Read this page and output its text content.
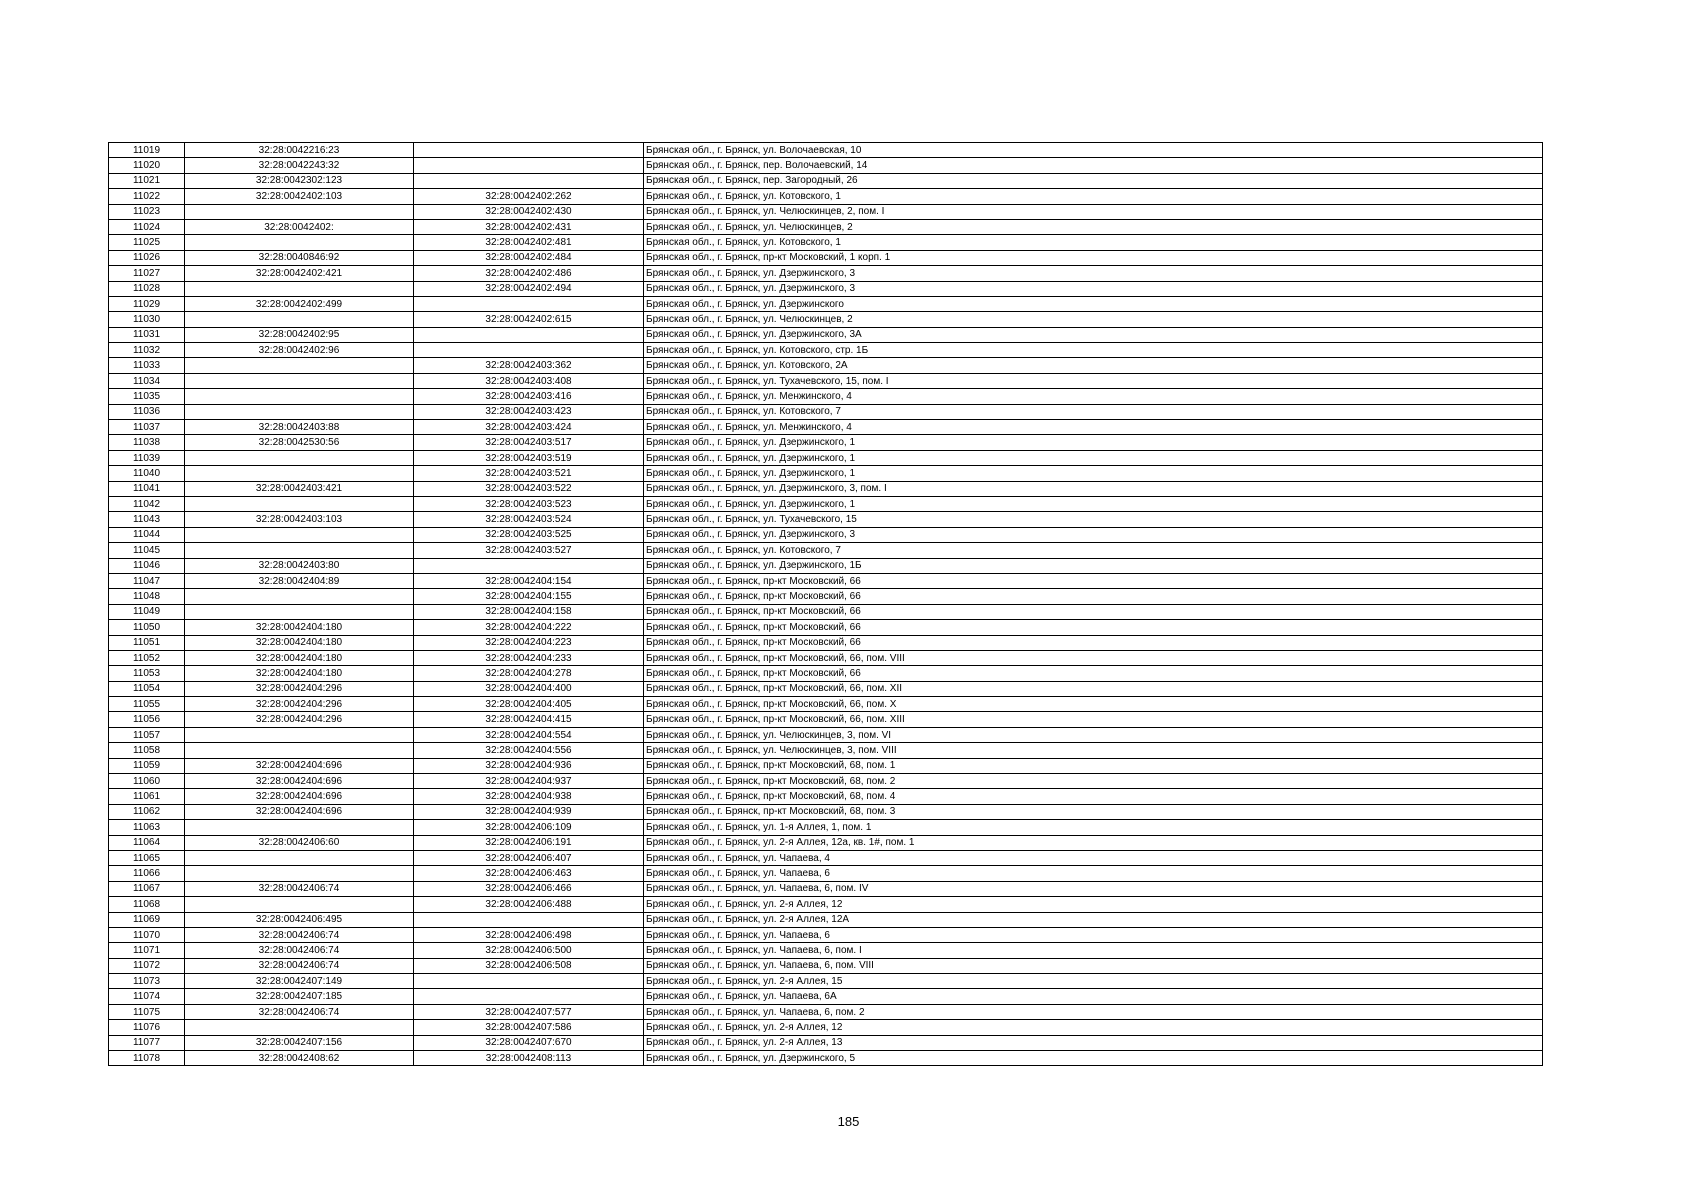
11019	32:28:0042216:23		Брянская обл., г. Брянск, ул. Волочаевская, 10
11020	32:28:0042243:32		Брянская обл., г. Брянск, пер. Волочаевский, 14
11021	32:28:0042302:123		Брянская обл., г. Брянск, пер. Загородный, 26
11022	32:28:0042402:103	32:28:0042402:262	Брянская обл., г. Брянск, ул. Котовского, 1
11023		32:28:0042402:430	Брянская обл., г. Брянск, ул. Челюскинцев, 2, пом. I
11024	32:28:0042402:	32:28:0042402:431	Брянская обл., г. Брянск, ул. Челюскинцев, 2
11025		32:28:0042402:481	Брянская обл., г. Брянск, ул. Котовского, 1
11026	32:28:0040846:92	32:28:0042402:484	Брянская обл., г. Брянск, пр-кт Московский, 1 корп. 1
11027	32:28:0042402:421	32:28:0042402:486	Брянская обл., г. Брянск, ул. Дзержинского, 3
11028		32:28:0042402:494	Брянская обл., г. Брянск, ул. Дзержинского, 3
11029	32:28:0042402:499		Брянская обл., г. Брянск, ул. Дзержинского
11030		32:28:0042402:615	Брянская обл., г. Брянск, ул. Челюскинцев, 2
11031	32:28:0042402:95		Брянская обл., г. Брянск, ул. Дзержинского, 3А
11032	32:28:0042402:96		Брянская обл., г. Брянск, ул. Котовского, стр. 1Б
11033		32:28:0042403:362	Брянская обл., г. Брянск, ул. Котовского, 2А
11034		32:28:0042403:408	Брянская обл., г. Брянск, ул. Тухачевского, 15, пом. I
11035		32:28:0042403:416	Брянская обл., г. Брянск, ул. Менжинского, 4
11036		32:28:0042403:423	Брянская обл., г. Брянск, ул. Котовского, 7
11037	32:28:0042403:88	32:28:0042403:424	Брянская обл., г. Брянск, ул. Менжинского, 4
11038	32:28:0042530:56	32:28:0042403:517	Брянская обл., г. Брянск, ул. Дзержинского, 1
11039		32:28:0042403:519	Брянская обл., г. Брянск, ул. Дзержинского, 1
11040		32:28:0042403:521	Брянская обл., г. Брянск, ул. Дзержинского, 1
11041	32:28:0042403:421	32:28:0042403:522	Брянская обл., г. Брянск, ул. Дзержинского, 3, пом. I
11042		32:28:0042403:523	Брянская обл., г. Брянск, ул. Дзержинского, 1
11043	32:28:0042403:103	32:28:0042403:524	Брянская обл., г. Брянск, ул. Тухачевского, 15
11044		32:28:0042403:525	Брянская обл., г. Брянск, ул. Дзержинского, 3
11045		32:28:0042403:527	Брянская обл., г. Брянск, ул. Котовского, 7
11046	32:28:0042403:80		Брянская обл., г. Брянск, ул. Дзержинского, 1Б
11047	32:28:0042404:89	32:28:0042404:154	Брянская обл., г. Брянск, пр-кт Московский, 66
11048		32:28:0042404:155	Брянская обл., г. Брянск, пр-кт Московский, 66
11049		32:28:0042404:158	Брянская обл., г. Брянск, пр-кт Московский, 66
11050	32:28:0042404:180	32:28:0042404:222	Брянская обл., г. Брянск, пр-кт Московский, 66
11051	32:28:0042404:180	32:28:0042404:223	Брянская обл., г. Брянск, пр-кт Московский, 66
11052	32:28:0042404:180	32:28:0042404:233	Брянская обл., г. Брянск, пр-кт Московский, 66, пом. VIII
11053	32:28:0042404:180	32:28:0042404:278	Брянская обл., г. Брянск, пр-кт Московский, 66
11054	32:28:0042404:296	32:28:0042404:400	Брянская обл., г. Брянск, пр-кт Московский, 66, пом. XII
11055	32:28:0042404:296	32:28:0042404:405	Брянская обл., г. Брянск, пр-кт Московский, 66, пом. X
11056	32:28:0042404:296	32:28:0042404:415	Брянская обл., г. Брянск, пр-кт Московский, 66, пом. XIII
11057		32:28:0042404:554	Брянская обл., г. Брянск, ул. Челюскинцев, 3, пом. VI
11058		32:28:0042404:556	Брянская обл., г. Брянск, ул. Челюскинцев, 3, пом. VIII
11059	32:28:0042404:696	32:28:0042404:936	Брянская обл., г. Брянск, пр-кт Московский, 68, пом. 1
11060	32:28:0042404:696	32:28:0042404:937	Брянская обл., г. Брянск, пр-кт Московский, 68, пом. 2
11061	32:28:0042404:696	32:28:0042404:938	Брянская обл., г. Брянск, пр-кт Московский, 68, пом. 4
11062	32:28:0042404:696	32:28:0042404:939	Брянская обл., г. Брянск, пр-кт Московский, 68, пом. 3
11063		32:28:0042406:109	Брянская обл., г. Брянск, ул. 1-я Аллея, 1, пом. 1
11064	32:28:0042406:60	32:28:0042406:191	Брянская обл., г. Брянск, ул. 2-я Аллея, 12а, кв. 1#, пом. 1
11065		32:28:0042406:407	Брянская обл., г. Брянск, ул. Чапаева, 4
11066		32:28:0042406:463	Брянская обл., г. Брянск, ул. Чапаева, 6
11067	32:28:0042406:74	32:28:0042406:466	Брянская обл., г. Брянск, ул. Чапаева, 6, пом. IV
11068		32:28:0042406:488	Брянская обл., г. Брянск, ул. 2-я Аллея, 12
11069	32:28:0042406:495		Брянская обл., г. Брянск, ул. 2-я Аллея, 12А
11070	32:28:0042406:74	32:28:0042406:498	Брянская обл., г. Брянск, ул. Чапаева, 6
11071	32:28:0042406:74	32:28:0042406:500	Брянская обл., г. Брянск, ул. Чапаева, 6, пом. I
11072	32:28:0042406:74	32:28:0042406:508	Брянская обл., г. Брянск, ул. Чапаева, 6, пом. VIII
11073	32:28:0042407:149		Брянская обл., г. Брянск, ул. 2-я Аллея, 15
11074	32:28:0042407:185		Брянская обл., г. Брянск, ул. Чапаева, 6А
11075	32:28:0042406:74	32:28:0042407:577	Брянская обл., г. Брянск, ул. Чапаева, 6, пом. 2
11076		32:28:0042407:586	Брянская обл., г. Брянск, ул. 2-я Аллея, 12
11077	32:28:0042407:156	32:28:0042407:670	Брянская обл., г. Брянск, ул. 2-я Аллея, 13
11078	32:28:0042408:62	32:28:0042408:113	Брянская обл., г. Брянск, ул. Дзержинского, 5
185
